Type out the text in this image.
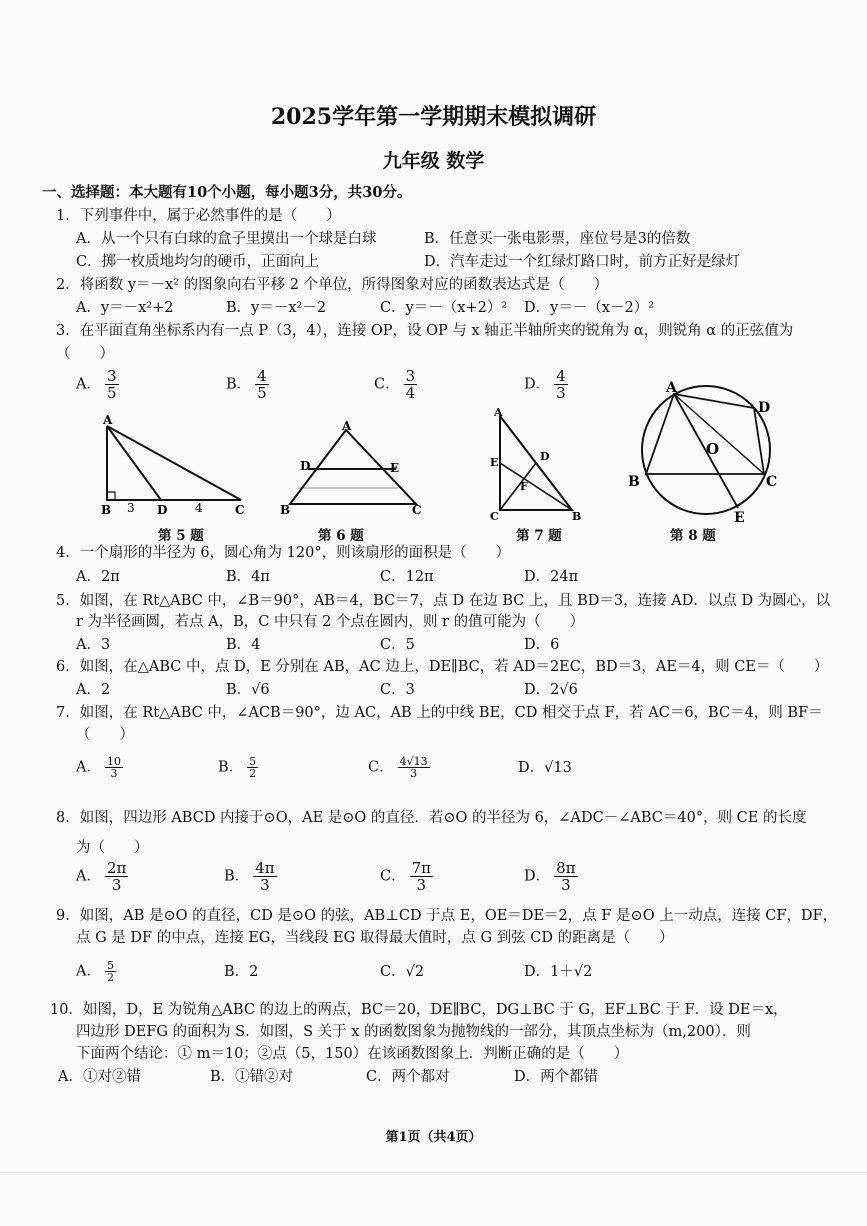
2025学年第一学期期末模拟调研
九年级 数学
一、选择题：本大题有10个小题，每小题3分，共30分。
1．下列事件中，属于必然事件的是（　　）
A．从一个只有白球的盒子里摸出一个球是白球	B．任意买一张电影票，座位号是3的倍数
C．掷一枚质地均匀的硬币，正面向上	D．汽车走过一个红绿灯路口时，前方正好是绿灯
2．将函数 y＝－x² 的图象向右平移 2 个单位，所得图象对应的函数表达式是（　　）
A．y＝－x²+2	B．y＝－x²－2	C．y＝－（x+2）² D．y＝－（x－2）²
3．在平面直角坐标系内有一点 P（3，4），连接 OP，设 OP 与 x 轴正半轴所夹的锐角为 α，则锐角 α 的正弦值为
（　　）
A． $\frac{3}{5}$	B． $\frac{4}{5}$	C． $\frac{3}{4}$	D． $\frac{4}{3}$
A
B	D	C
3	4
第 5 题
A
D	E
B	C
第 6 题
A
E	D
F
C	B
第 7 题
A
D
O
B	C
E
第 8 题
4．一个扇形的半径为 6，圆心角为 120°，则该扇形的面积是（　　）
A．2π	B．4π	C．12π	D．24π
5．如图，在 Rt△ABC 中，∠B＝90°，AB＝4，BC＝7，点 D 在边 BC 上，且 BD＝3，连接 AD．以点 D 为圆心，以
r 为半径画圆，若点 A，B，C 中只有 2 个点在圆内，则 r 的值可能为（　　）
A．3	B．4	C．5	D．6
6．如图，在△ABC 中，点 D，E 分别在 AB，AC 边上，DE∥BC，若 AD＝2EC，BD＝3，AE＝4，则 CE＝（　　）
A．2	B．√6	C．3	D．2√6
7．如图，在 Rt△ABC 中，∠ACB＝90°，边 AC，AB 上的中线 BE，CD 相交于点 F，若 AC＝6，BC＝4，则 BF＝
（　　）
A． $\frac{10}{3}$	B． $\frac{5}{2}$	C． $\frac{4√13}{3}$	D．√13
8．如图，四边形 ABCD 内接于⊙O，AE 是⊙O 的直径．若⊙O 的半径为 6，∠ADC－∠ABC＝40°，则 CE 的长度
为（　　）
A． $\frac{2\pi}{3}$	B． $\frac{4\pi}{3}$	C． $\frac{7\pi}{3}$	D． $\frac{8\pi}{3}$
9．如图，AB 是⊙O 的直径，CD 是⊙O 的弦，AB⊥CD 于点 E，OE＝DE＝2，点 F 是⊙O 上一动点，连接 CF，DF，
点 G 是 DF 的中点，连接 EG，当线段 EG 取得最大值时，点 G 到弦 CD 的距离是（　　）
A． $\frac{5}{2}$	B．2	C．√2	D．1＋√2
10．如图，D，E 为锐角△ABC 的边上的两点，BC＝20，DE∥BC，DG⊥BC 于 G，EF⊥BC 于 F．设 DE＝x，
四边形 DEFG 的面积为 S．如图，S 关于 x 的函数图象为抛物线的一部分，其顶点坐标为（m,200）．则
下面两个结论：① m＝10；②点（5，150）在该函数图象上．判断正确的是（　　）
A．①对②错	B．①错②对	C．两个都对	D．两个都错
第1页（共4页）
